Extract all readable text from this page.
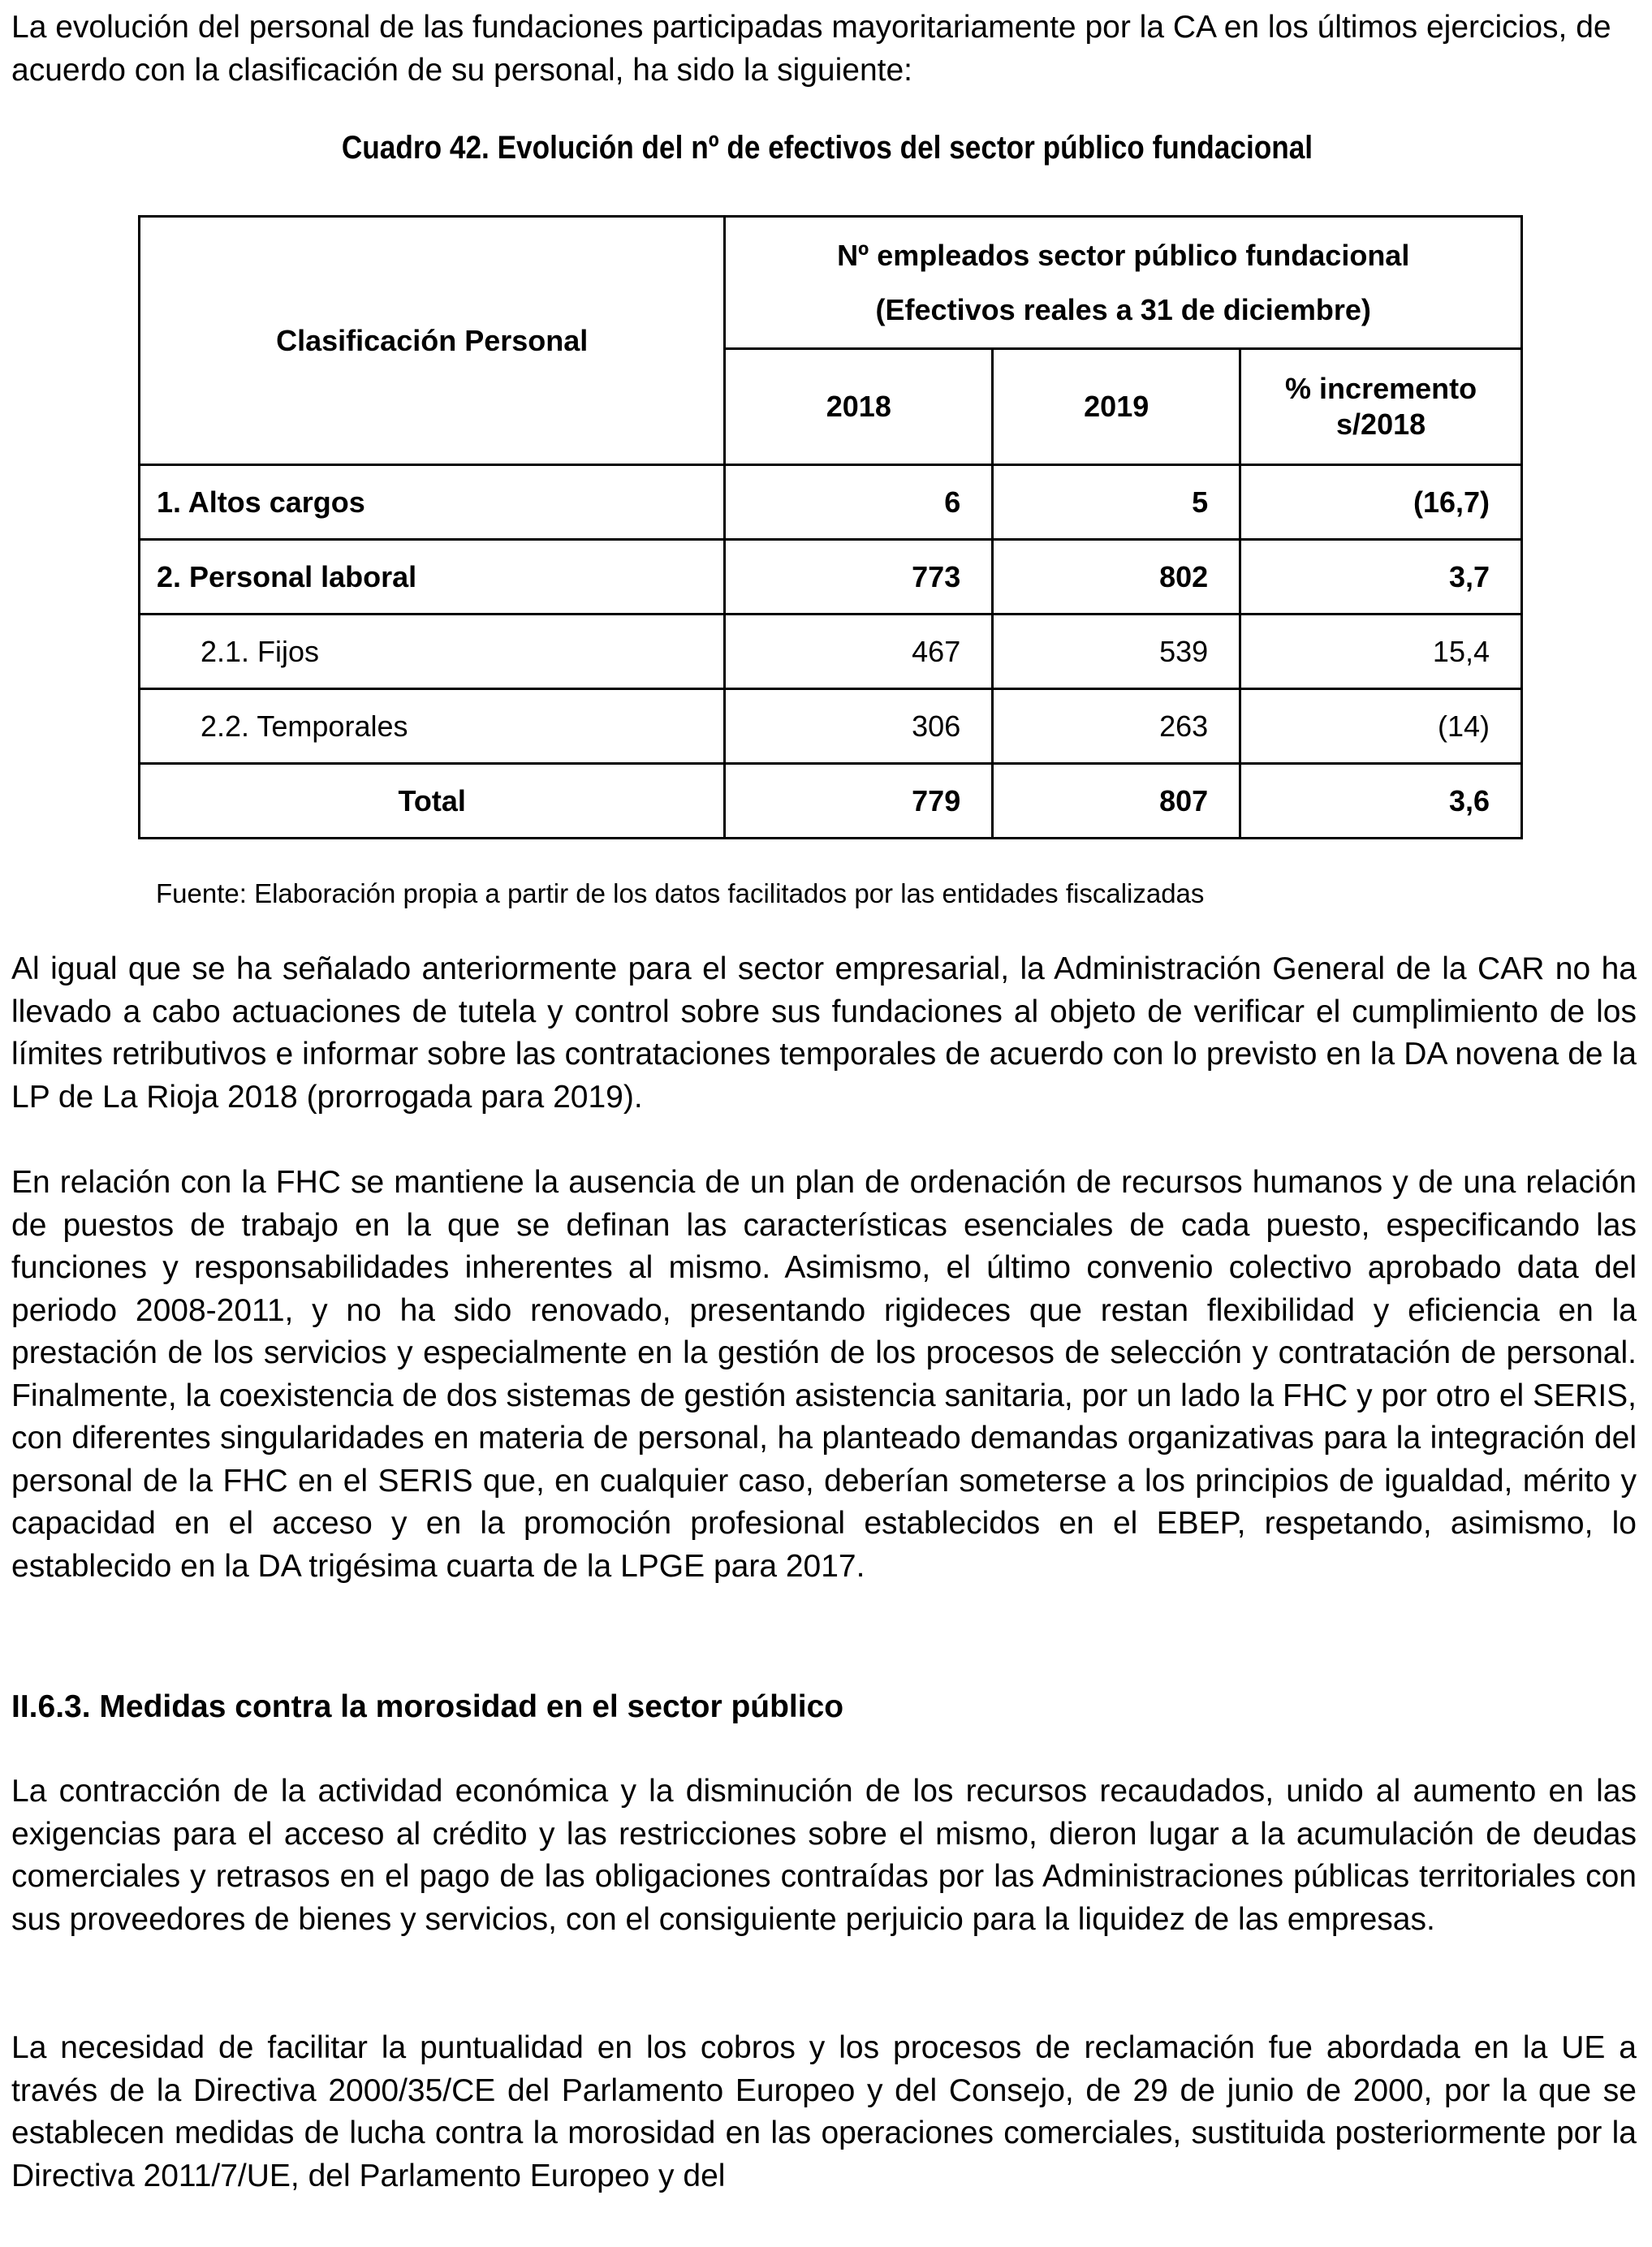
La evolución del personal de las fundaciones participadas mayoritariamente por la CA en los últimos ejercicios, de acuerdo con la clasificación de su personal, ha sido la siguiente:

Cuadro 42. Evolución del nº de efectivos del sector público fundacional

Clasificación Personal	Nº empleados sector público fundacional
(Efectivos reales a 31 de diciembre)		

	2018	2019	% incremento
s/2018

1. Altos cargos	6	5	(16,7)
2. Personal laboral	773	802	3,7
2.1. Fijos	467	539	15,4
2.2. Temporales	306	263	(14)
Total	779	807	3,6

Fuente: Elaboración propia a partir de los datos facilitados por las entidades fiscalizadas

Al igual que se ha señalado anteriormente para el sector empresarial, la Administración General de la CAR no ha llevado a cabo actuaciones de tutela y control sobre sus fundaciones al objeto de verificar el cumplimiento de los límites retributivos e informar sobre las contrataciones temporales de acuerdo con lo previsto en la DA novena de la LP de La Rioja 2018 (prorrogada para 2019).

En relación con la FHC se mantiene la ausencia de un plan de ordenación de recursos humanos y de una relación de puestos de trabajo en la que se definan las características esenciales de cada puesto, especificando las funciones y responsabilidades inherentes al mismo. Asimismo, el último convenio colectivo aprobado data del periodo 2008-2011, y no ha sido renovado, presentando rigideces que restan flexibilidad y eficiencia en la prestación de los servicios y especialmente en la gestión de los procesos de selección y contratación de personal. Finalmente, la coexistencia de dos sistemas de gestión asistencia sanitaria, por un lado la FHC y por otro el SERIS, con diferentes singularidades en materia de personal, ha planteado demandas organizativas para la integración del personal de la FHC en el SERIS que, en cualquier caso, deberían someterse a los principios de igualdad, mérito y capacidad en el acceso y en la promoción profesional establecidos en el EBEP, respetando, asimismo, lo establecido en la DA trigésima cuarta de la LPGE para 2017.

II.6.3. Medidas contra la morosidad en el sector público

La contracción de la actividad económica y la disminución de los recursos recaudados, unido al aumento en las exigencias para el acceso al crédito y las restricciones sobre el mismo, dieron lugar a la acumulación de deudas comerciales y retrasos en el pago de las obligaciones contraídas por las Administraciones públicas territoriales con sus proveedores de bienes y servicios, con el consiguiente perjuicio para la liquidez de las empresas.

La necesidad de facilitar la puntualidad en los cobros y los procesos de reclamación fue abordada en la UE a través de la Directiva 2000/35/CE del Parlamento Europeo y del Consejo, de 29 de junio de 2000, por la que se establecen medidas de lucha contra la morosidad en las operaciones comerciales, sustituida posteriormente por la Directiva 2011/7/UE, del Parlamento Europeo y del
